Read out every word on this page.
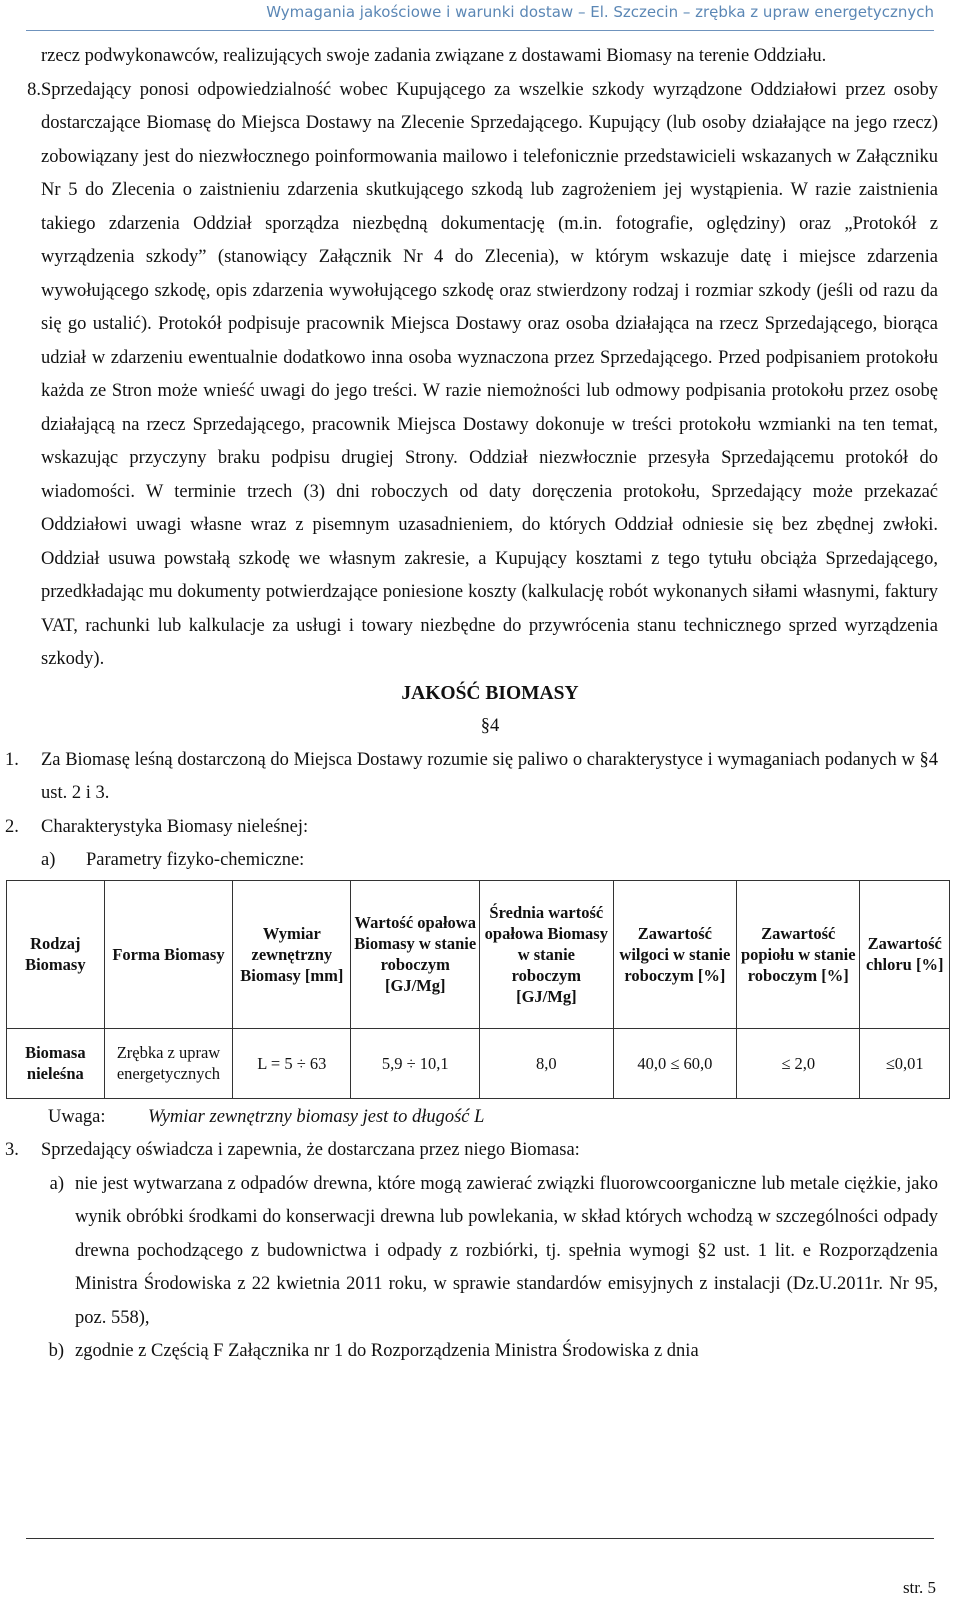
Wymagania jakościowe i warunki dostaw – El. Szczecin – zrębka z upraw energetycznych
rzecz podwykonawców, realizujących swoje zadania związane z dostawami Biomasy na terenie Oddziału.
8. Sprzedający ponosi odpowiedzialność wobec Kupującego za wszelkie szkody wyrządzone Oddziałowi przez osoby dostarczające Biomasę do Miejsca Dostawy na Zlecenie Sprzedającego. Kupujący (lub osoby działające na jego rzecz) zobowiązany jest do niezwłocznego poinformowania mailowo i telefonicznie przedstawicieli wskazanych w Załączniku Nr 5 do Zlecenia o zaistnieniu zdarzenia skutkującego szkodą lub zagrożeniem jej wystąpienia. W razie zaistnienia takiego zdarzenia Oddział sporządza niezbędną dokumentację (m.in. fotografie, oględziny) oraz „Protokół z wyrządzenia szkody” (stanowiący Załącznik Nr 4 do Zlecenia), w którym wskazuje datę i miejsce zdarzenia wywołującego szkodę, opis zdarzenia wywołującego szkodę oraz stwierdzony rodzaj i rozmiar szkody (jeśli od razu da się go ustalić). Protokół podpisuje pracownik Miejsca Dostawy oraz osoba działająca na rzecz Sprzedającego, biorąca udział w zdarzeniu ewentualnie dodatkowo inna osoba wyznaczona przez Sprzedającego. Przed podpisaniem protokołu każda ze Stron może wnieść uwagi do jego treści. W razie niemożności lub odmowy podpisania protokołu przez osobę działającą na rzecz Sprzedającego, pracownik Miejsca Dostawy dokonuje w treści protokołu wzmianki na ten temat, wskazując przyczyny braku podpisu drugiej Strony. Oddział niezwłocznie przesyła Sprzedającemu protokół do wiadomości. W terminie trzech (3) dni roboczych od daty doręczenia protokołu, Sprzedający może przekazać Oddziałowi uwagi własne wraz z pisemnym uzasadnieniem, do których Oddział odniesie się bez zbędnej zwłoki. Oddział usuwa powstałą szkodę we własnym zakresie, a Kupujący kosztami z tego tytułu obciąża Sprzedającego, przedkładając mu dokumenty potwierdzające poniesione koszty (kalkulację robót wykonanych siłami własnymi, faktury VAT, rachunki lub kalkulacje za usługi i towary niezbędne do przywrócenia stanu technicznego sprzed wyrządzenia szkody).
JAKOŚĆ BIOMASY
§4
1.	Za Biomasę leśną dostarczoną do Miejsca Dostawy rozumie się paliwo o charakterystyce i wymaganiach podanych w §4 ust. 2 i 3.
2.	Charakterystyka Biomasy nieleśnej:
a)	Parametry fizyko-chemiczne:
Rodzaj Biomasy	Forma Biomasy	Wymiar zewnętrzny Biomasy [mm]	Wartość opałowa Biomasy w stanie roboczym [GJ/Mg]	Średnia wartość opałowa Biomasy w stanie roboczym [GJ/Mg]	Zawartość wilgoci w stanie roboczym [%]	Zawartość popiołu w stanie roboczym [%]	Zawartość chloru [%]
Biomasa nieleśna	Zrębka z upraw energetycznych	L = 5 ÷ 63	5,9 ÷ 10,1	8,0	40,0 ≤ 60,0	≤ 2,0	≤0,01
Uwaga:	Wymiar zewnętrzny biomasy jest to długość L
3.	Sprzedający oświadcza i zapewnia, że dostarczana przez niego Biomasa:
a) nie jest wytwarzana z odpadów drewna, które mogą zawierać związki fluorowcoorganiczne lub metale ciężkie, jako wynik obróbki środkami do konserwacji drewna lub powlekania, w skład których wchodzą w szczególności odpady drewna pochodzącego z budownictwa i odpady z rozbiórki, tj. spełnia wymogi §2 ust. 1 lit. e Rozporządzenia Ministra Środowiska z 22 kwietnia 2011 roku, w sprawie standardów emisyjnych z instalacji (Dz.U.2011r. Nr 95, poz. 558),
b) zgodnie z Częścią F Załącznika nr 1 do Rozporządzenia Ministra Środowiska z dnia
str. 5
